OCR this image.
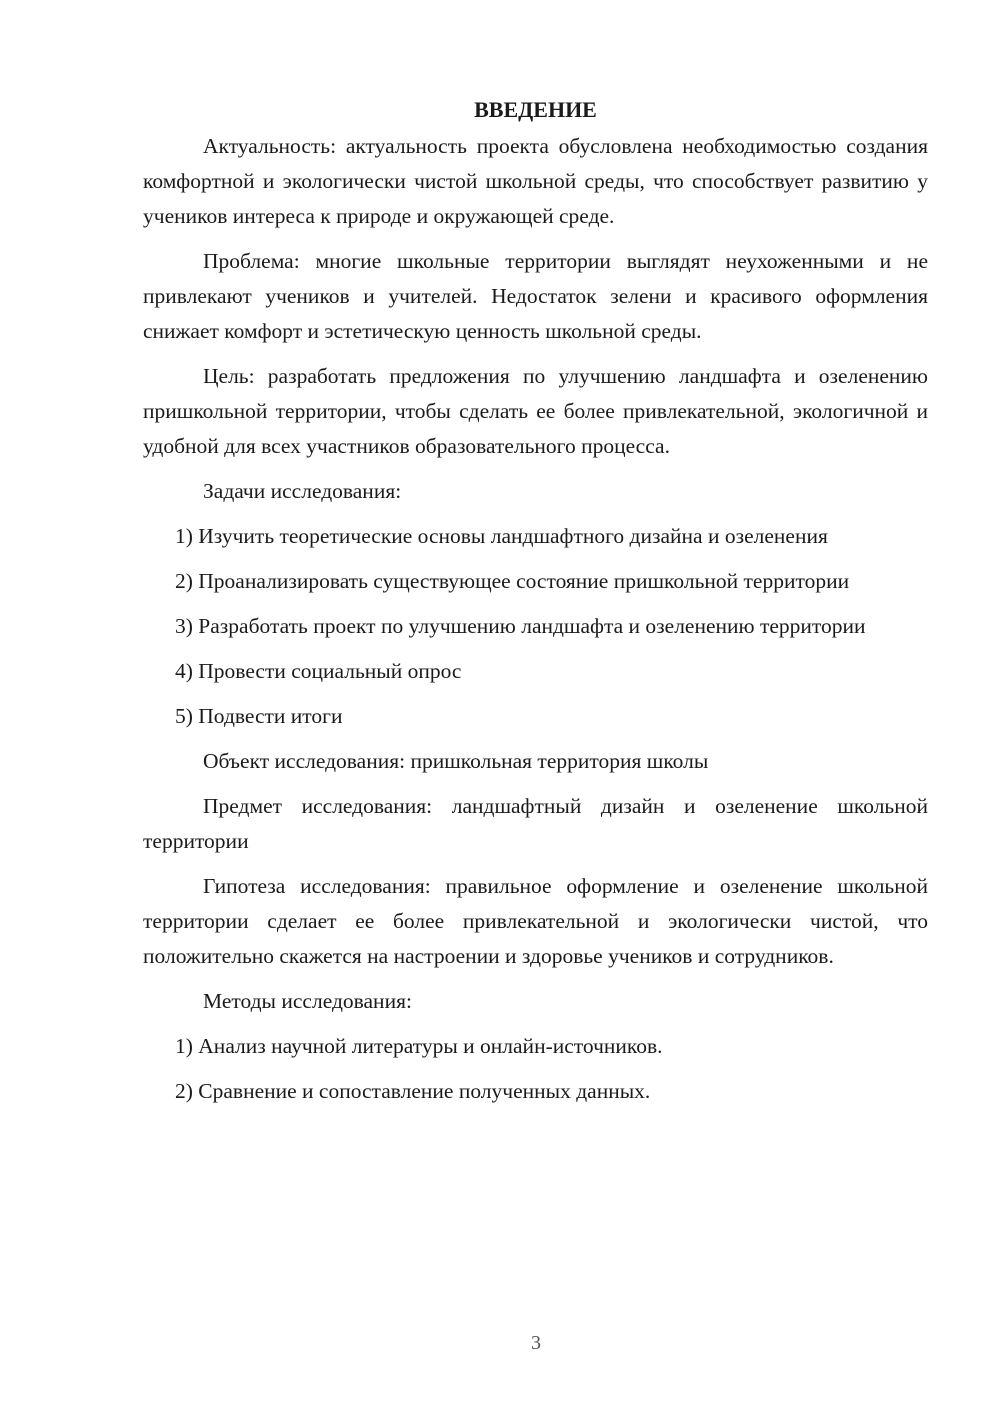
ВВЕДЕНИЕ

Актуальность: актуальность проекта обусловлена необходимостью создания комфортной и экологически чистой школьной среды, что способствует развитию у учеников интереса к природе и окружающей среде.

Проблема: многие школьные территории выглядят неухоженными и не привлекают учеников и учителей. Недостаток зелени и красивого оформления снижает комфорт и эстетическую ценность школьной среды.

Цель: разработать предложения по улучшению ландшафта и озеленению пришкольной территории, чтобы сделать ее более привлекательной, экологичной и удобной для всех участников образовательного процесса.

Задачи исследования:

1) Изучить теоретические основы ландшафтного дизайна и озеленения

2) Проанализировать существующее состояние пришкольной территории

3) Разработать проект по улучшению ландшафта и озеленению территории

4) Провести социальный опрос

5) Подвести итоги

Объект исследования: пришкольная территория школы

Предмет исследования: ландшафтный дизайн и озеленение школьной территории

Гипотеза исследования: правильное оформление и озеленение школьной территории сделает ее более привлекательной и экологически чистой, что положительно скажется на настроении и здоровье учеников и сотрудников.

Методы исследования:

1) Анализ научной литературы и онлайн-источников.

2) Сравнение и сопоставление полученных данных.

3
